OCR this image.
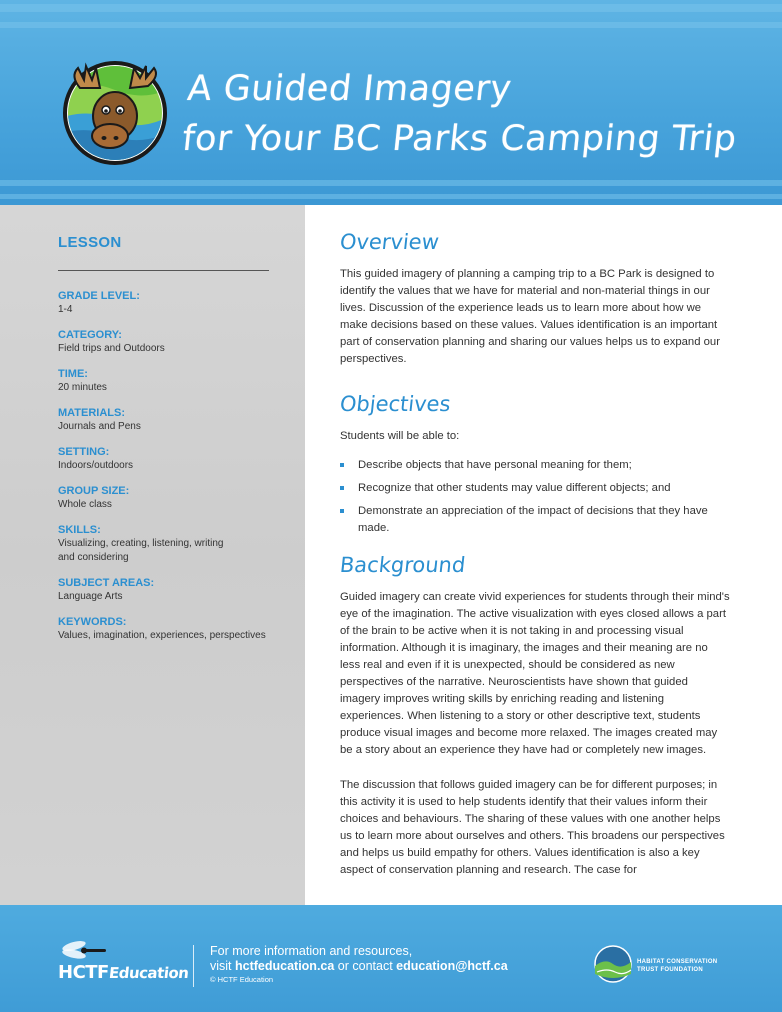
A Guided Imagery
for Your BC Parks Camping Trip
LESSON
GRADE LEVEL:
1-4
CATEGORY:
Field trips and Outdoors
TIME:
20 minutes
MATERIALS:
Journals and Pens
SETTING:
Indoors/outdoors
GROUP SIZE:
Whole class
SKILLS:
Visualizing, creating, listening, writing and considering
SUBJECT AREAS:
Language Arts
KEYWORDS:
Values, imagination, experiences, perspectives
Overview

This guided imagery of planning a camping trip to a BC Park is designed to identify the values that we have for material and non-material things in our lives. Discussion of the experience leads us to learn more about how we make decisions based on these values. Values identification is an important part of conservation planning and sharing our values helps us to expand our perspectives.

Objectives

Students will be able to:

Describe objects that have personal meaning for them;
Recognize that other students may value different objects; and
Demonstrate an appreciation of the impact of decisions that they have made.
Background

Guided imagery can create vivid experiences for students through their mind's eye of the imagination. The active visualization with eyes closed allows a part of the brain to be active when it is not taking in and processing visual information. Although it is imaginary, the images and their meaning are no less real and even if it is unexpected, should be considered as new perspectives of the narrative. Neuroscientists have shown that guided imagery improves writing skills by enriching reading and listening experiences. When listening to a story or other descriptive text, students produce visual images and become more relaxed. The images created may be a story about an experience they have had or completely new images.

The discussion that follows guided imagery can be for different purposes; in this activity it is used to help students identify that their values inform their choices and behaviours. The sharing of these values with one another helps us to learn more about ourselves and others. This broadens our perspectives and helps us build empathy for others. Values identification is also a key aspect of conservation planning and research. The case for

HCTFEducation
For more information and resources,
visit hctfeducation.ca or contact education@hctf.ca
© HCTF Education
HABITAT CONSERVATION TRUST FOUNDATION
